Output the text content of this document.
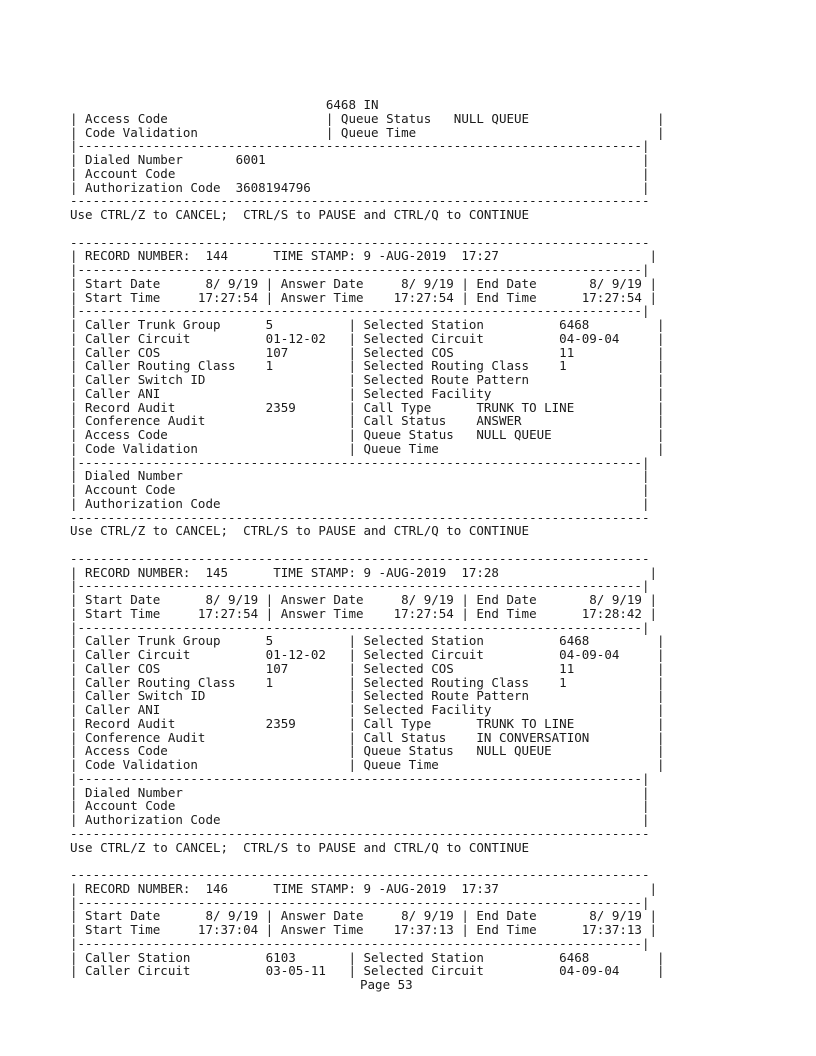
6468 IN
| Access Code                     | Queue Status   NULL QUEUE                 |
| Code Validation                 | Queue Time                                |
|---------------------------------------------------------------------------|
| Dialed Number       6001                                                  |
| Account Code                                                              |
| Authorization Code  3608194796                                            |
-----------------------------------------------------------------------------
Use CTRL/Z to CANCEL;  CTRL/S to PAUSE and CTRL/Q to CONTINUE

-----------------------------------------------------------------------------
| RECORD NUMBER:  144      TIME STAMP: 9 -AUG-2019  17:27                    |
|---------------------------------------------------------------------------|
| Start Date      8/ 9/19 | Answer Date     8/ 9/19 | End Date       8/ 9/19 |
| Start Time     17:27:54 | Answer Time    17:27:54 | End Time      17:27:54 |
|---------------------------------------------------------------------------|
| Caller Trunk Group      5          | Selected Station          6468         |
| Caller Circuit          01-12-02   | Selected Circuit          04-09-04     |
| Caller COS              107        | Selected COS              11           |
| Caller Routing Class    1          | Selected Routing Class    1            |
| Caller Switch ID                   | Selected Route Pattern                 |
| Caller ANI                         | Selected Facility                      |
| Record Audit            2359       | Call Type      TRUNK TO LINE           |
| Conference Audit                   | Call Status    ANSWER                  |
| Access Code                        | Queue Status   NULL QUEUE              |
| Code Validation                    | Queue Time                             |
|---------------------------------------------------------------------------|
| Dialed Number                                                             |
| Account Code                                                              |
| Authorization Code                                                        |
-----------------------------------------------------------------------------
Use CTRL/Z to CANCEL;  CTRL/S to PAUSE and CTRL/Q to CONTINUE

-----------------------------------------------------------------------------
| RECORD NUMBER:  145      TIME STAMP: 9 -AUG-2019  17:28                    |
|---------------------------------------------------------------------------|
| Start Date      8/ 9/19 | Answer Date     8/ 9/19 | End Date       8/ 9/19 |
| Start Time     17:27:54 | Answer Time    17:27:54 | End Time      17:28:42 |
|---------------------------------------------------------------------------|
| Caller Trunk Group      5          | Selected Station          6468         |
| Caller Circuit          01-12-02   | Selected Circuit          04-09-04     |
| Caller COS              107        | Selected COS              11           |
| Caller Routing Class    1          | Selected Routing Class    1            |
| Caller Switch ID                   | Selected Route Pattern                 |
| Caller ANI                         | Selected Facility                      |
| Record Audit            2359       | Call Type      TRUNK TO LINE           |
| Conference Audit                   | Call Status    IN CONVERSATION         |
| Access Code                        | Queue Status   NULL QUEUE              |
| Code Validation                    | Queue Time                             |
|---------------------------------------------------------------------------|
| Dialed Number                                                             |
| Account Code                                                              |
| Authorization Code                                                        |
-----------------------------------------------------------------------------
Use CTRL/Z to CANCEL;  CTRL/S to PAUSE and CTRL/Q to CONTINUE

-----------------------------------------------------------------------------
| RECORD NUMBER:  146      TIME STAMP: 9 -AUG-2019  17:37                    |
|---------------------------------------------------------------------------|
| Start Date      8/ 9/19 | Answer Date     8/ 9/19 | End Date       8/ 9/19 |
| Start Time     17:37:04 | Answer Time    17:37:13 | End Time      17:37:13 |
|---------------------------------------------------------------------------|
| Caller Station          6103       | Selected Station          6468         |
| Caller Circuit          03-05-11   | Selected Circuit          04-09-04     |

Page 53
